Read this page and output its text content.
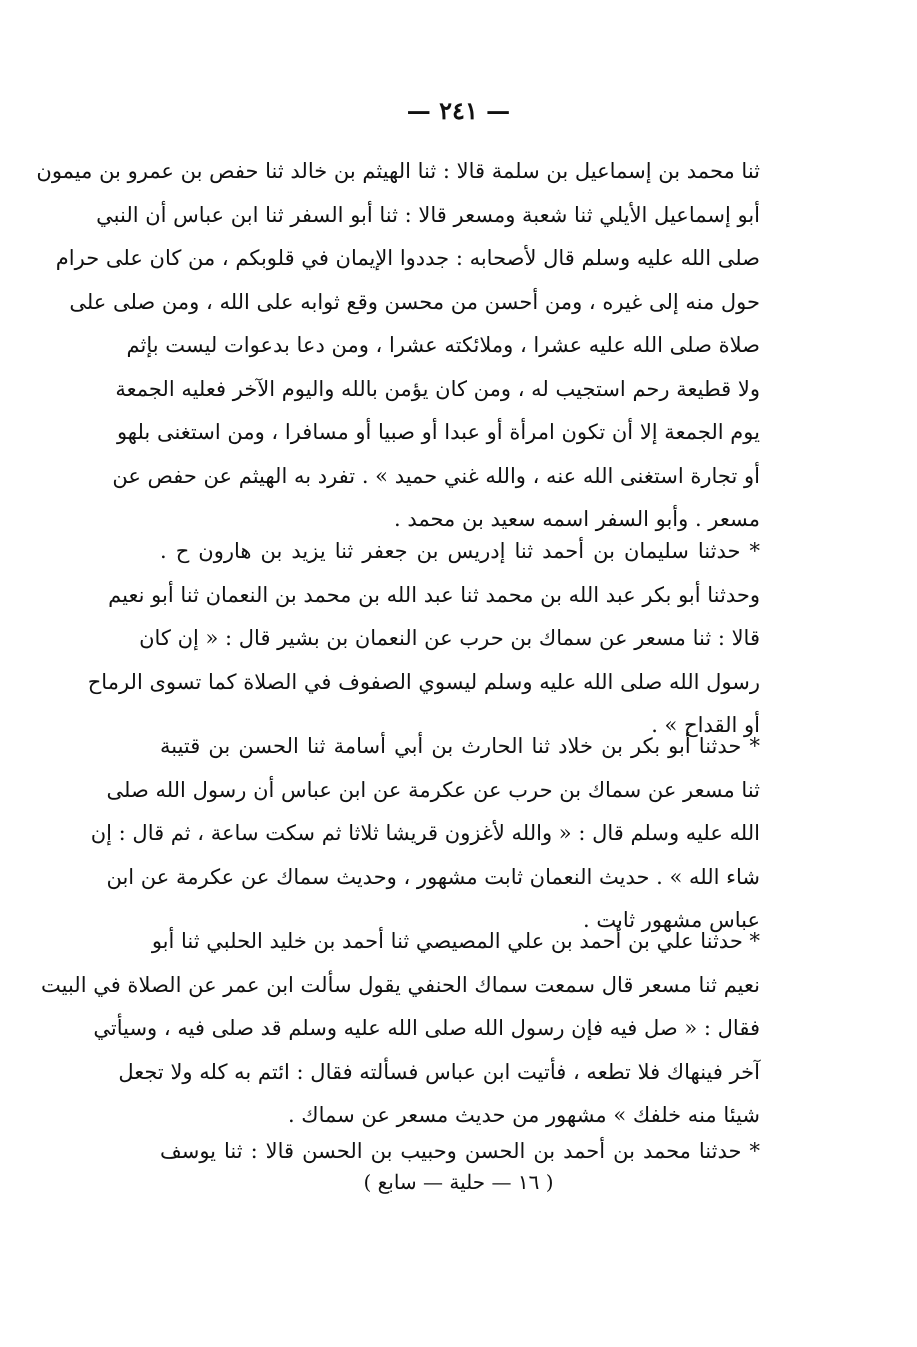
— ٢٤١ —
ثنا محمد بن إسماعيل بن سلمة قالا : ثنا الهيثم بن خالد ثنا حفص بن عمرو بن ميمون
أبو إسماعيل الأيلي ثنا شعبة ومسعر قالا : ثنا أبو السفر ثنا ابن عباس أن النبي
صلى الله عليه وسلم قال لأصحابه : جددوا الإيمان في قلوبكم ، من كان على حرام
حول منه إلى غيره ، ومن أحسن من محسن وقع ثوابه على الله ، ومن صلى على
صلاة صلى الله عليه عشرا ، وملائكته عشرا ، ومن دعا بدعوات ليست بإثم
ولا قطيعة رحم استجيب له ، ومن كان يؤمن بالله واليوم الآخر فعليه الجمعة
يوم الجمعة إلا أن تكون امرأة أو عبدا أو صبيا أو مسافرا ، ومن استغنى بلهو
أو تجارة استغنى الله عنه ، والله غني حميد » . تفرد به الهيثم عن حفص عن
مسعر . وأبو السفر اسمه سعيد بن محمد .
* حدثنا سليمان بن أحمد ثنا إدريس بن جعفر ثنا يزيد بن هارون ح .
وحدثنا أبو بكر عبد الله بن محمد ثنا عبد الله بن محمد بن النعمان ثنا أبو نعيم
قالا : ثنا مسعر عن سماك بن حرب عن النعمان بن بشير قال : « إن كان
رسول الله صلى الله عليه وسلم ليسوي الصفوف في الصلاة كما تسوى الرماح
أو القداح » .
* حدثنا أبو بكر بن خلاد ثنا الحارث بن أبي أسامة ثنا الحسن بن قتيبة
ثنا مسعر عن سماك بن حرب عن عكرمة عن ابن عباس أن رسول الله صلى
الله عليه وسلم قال : « والله لأغزون قريشا ثلاثا ثم سكت ساعة ، ثم قال : إن
شاء الله » . حديث النعمان ثابت مشهور ، وحديث سماك عن عكرمة عن ابن
عباس مشهور ثابت .
* حدثنا علي بن أحمد بن علي المصيصي ثنا أحمد بن خليد الحلبي ثنا أبو
نعيم ثنا مسعر قال سمعت سماك الحنفي يقول سألت ابن عمر عن الصلاة في البيت
فقال : « صل فيه فإن رسول الله صلى الله عليه وسلم قد صلى فيه ، وسيأتي
آخر فينهاك فلا تطعه ، فأتيت ابن عباس فسألته فقال : ائتم به كله ولا تجعل
شيئا منه خلفك » مشهور من حديث مسعر عن سماك .
* حدثنا محمد بن أحمد بن الحسن وحبيب بن الحسن قالا : ثنا يوسف
( ١٦ — حلية — سابع )
